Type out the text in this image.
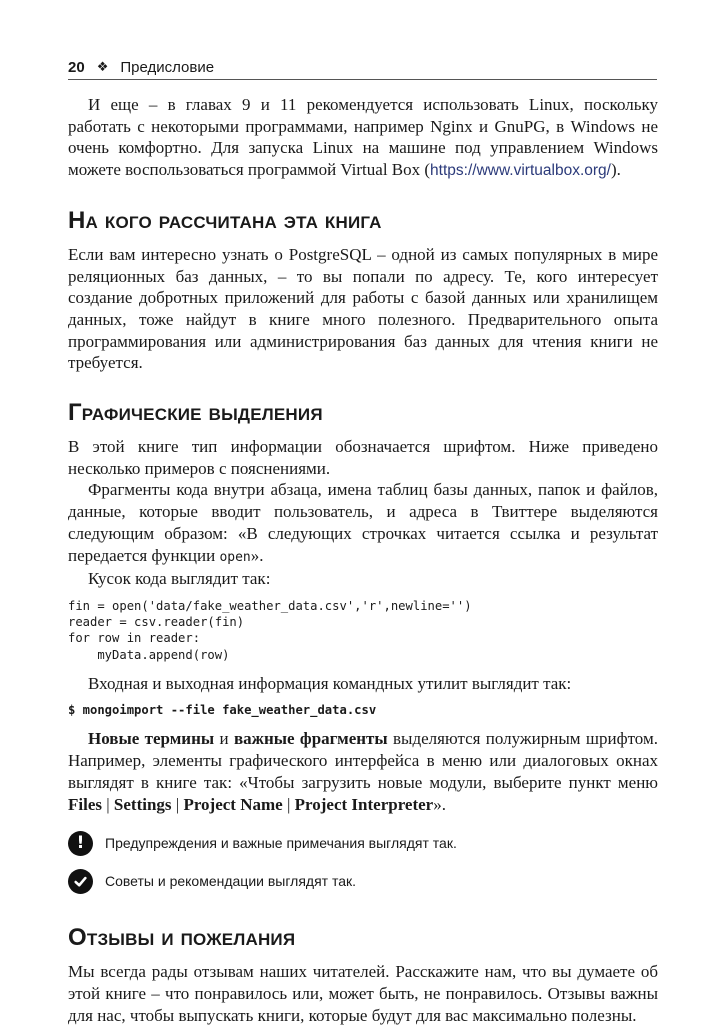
20 ❖ Предисловие

И еще – в главах 9 и 11 рекомендуется использовать Linux, поскольку работать с некоторыми программами, например Nginx и GnuPG, в Windows не очень комфортно. Для запуска Linux на машине под управлением Windows можете воспользоваться программой Virtual Box (https://www.virtualbox.org/).

На кого рассчитана эта книга

Если вам интересно узнать о PostgreSQL – одной из самых популярных в мире реляционных баз данных, – то вы попали по адресу. Те, кого интересует создание добротных приложений для работы с базой данных или хранилищем данных, тоже найдут в книге много полезного. Предварительного опыта программирования или администрирования баз данных для чтения книги не требуется.

Графические выделения

В этой книге тип информации обозначается шрифтом. Ниже приведено несколько примеров с пояснениями.

Фрагменты кода внутри абзаца, имена таблиц базы данных, папок и файлов, данные, которые вводит пользователь, и адреса в Твиттере выделяются следующим образом: «В следующих строчках читается ссылка и результат передается функции open».

Кусок кода выглядит так:

fin = open('data/fake_weather_data.csv','r',newline='')
reader = csv.reader(fin)
for row in reader:
myData.append(row)

Входная и выходная информация командных утилит выглядит так:

$ mongoimport --file fake_weather_data.csv

Новые термины и важные фрагменты выделяются полужирным шрифтом. Например, элементы графического интерфейса в меню или диалоговых окнах выглядят в книге так: «Чтобы загрузить новые модули, выберите пункт меню Files | Settings | Project Name | Project Interpreter».

! Предупреждения и важные примечания выглядят так.
Советы и рекомендации выглядят так.
Отзывы и пожелания

Мы всегда рады отзывам наших читателей. Расскажите нам, что вы думаете об этой книге – что понравилось или, может быть, не понравилось. Отзывы важны для нас, чтобы выпускать книги, которые будут для вас максимально полезны.
